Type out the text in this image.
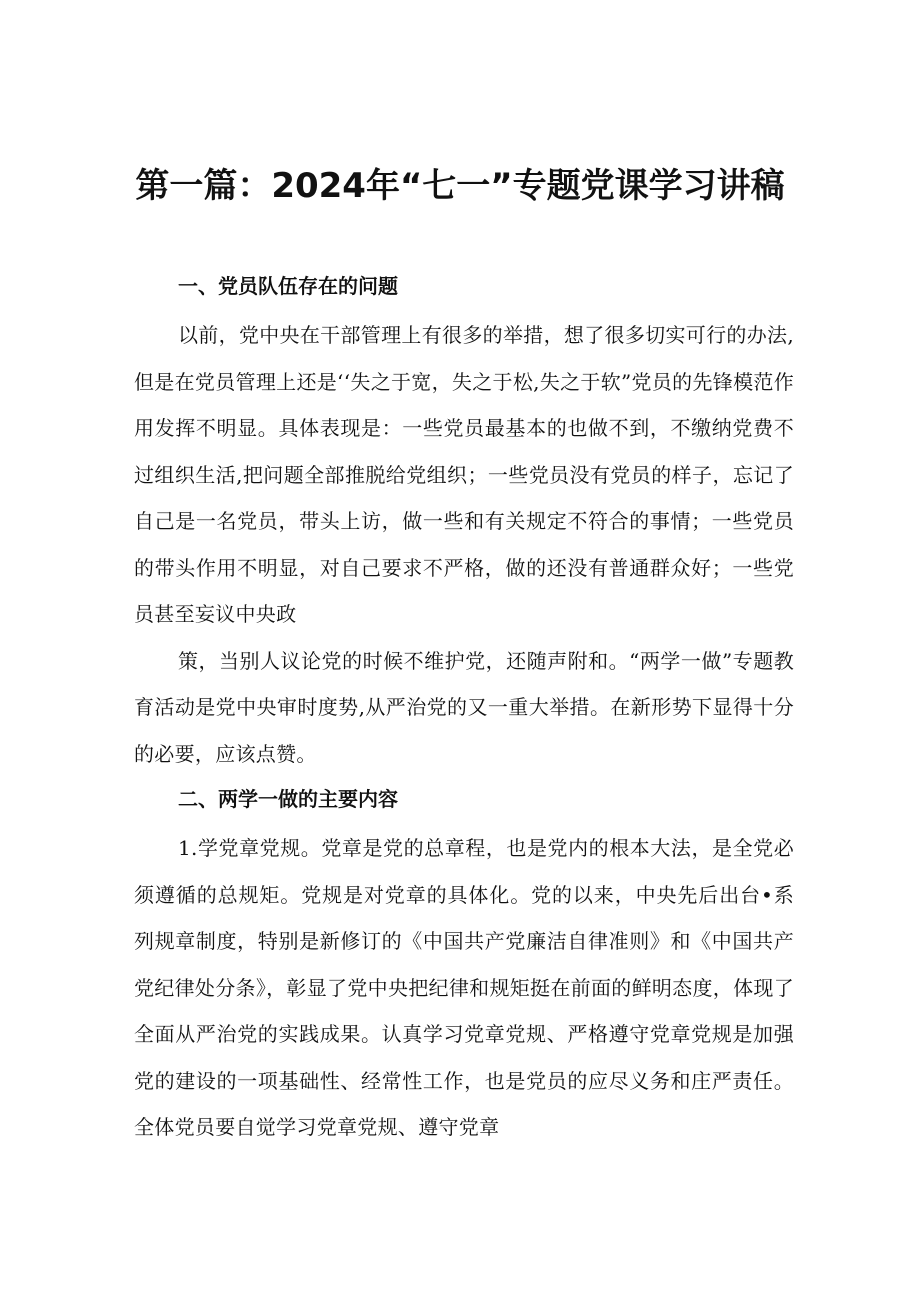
第一篇：2024年“七一”专题党课学习讲稿

一、党员队伍存在的问题

以前，党中央在干部管理上有很多的举措，想了很多切实可行的办法,但是在党员管理上还是‘‘失之于宽，失之于松,失之于软”党员的先锋模范作用发挥不明显。具体表现是：一些党员最基本的也做不到，不缴纳党费不过组织生活,把问题全部推脱给党组织；一些党员没有党员的样子，忘记了自己是一名党员，带头上访，做一些和有关规定不符合的事情；一些党员的带头作用不明显，对自己要求不严格，做的还没有普通群众好；一些党员甚至妄议中央政

策，当别人议论党的时候不维护党，还随声附和。“两学一做”专题教育活动是党中央审时度势,从严治党的又一重大举措。在新形势下显得十分的必要，应该点赞。

二、两学一做的主要内容

1.学党章党规。党章是党的总章程，也是党内的根本大法，是全党必须遵循的总规矩。党规是对党章的具体化。党的以来，中央先后出台•系列规章制度，特别是新修订的《中国共产党廉洁自律准则》和《中国共产党纪律处分条》，彰显了党中央把纪律和规矩挺在前面的鲜明态度，体现了全面从严治党的实践成果。认真学习党章党规、严格遵守党章党规是加强党的建设的一项基础性、经常性工作，也是党员的应尽义务和庄严责任。全体党员要自觉学习党章党规、遵守党章
